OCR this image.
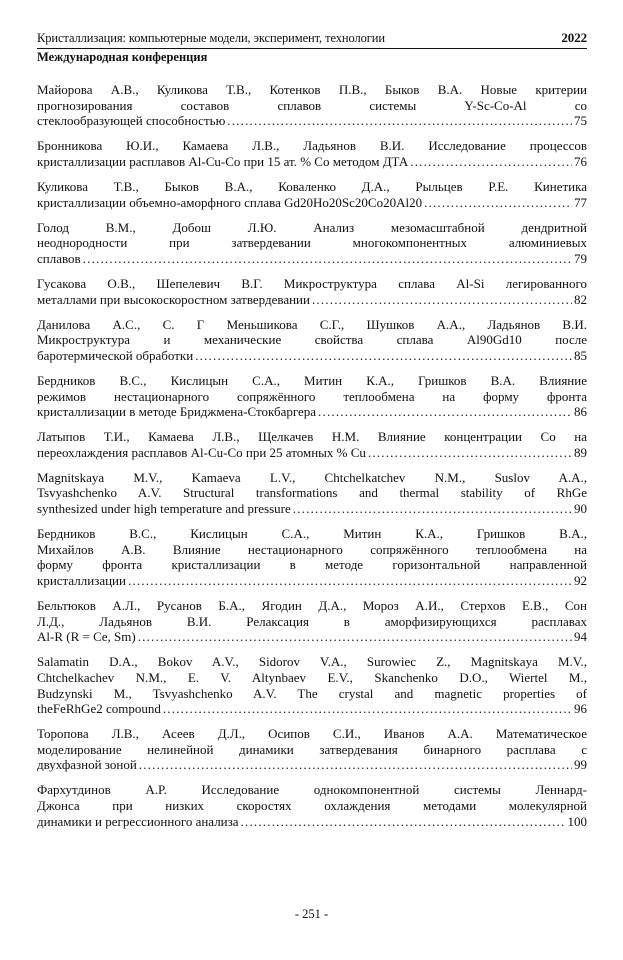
Кристаллизация: компьютерные модели, эксперимент, технологии	2022
Международная конференция
Майорова А.В., Куликова Т.В., Котенков П.В., Быков В.А. Новые критерии
прогнозирования составов сплавов системы Y-Sc-Co-Al со
стеклообразующей способностью .....	75
Бронникова Ю.И., Камаева Л.В., Ладьянов В.И. Исследование процессов
кристаллизации расплавов Al-Cu-Co при 15 ат. % Co методом ДТА .....	76
Куликова Т.В., Быков В.А., Коваленко Д.А., Рыльцев Р.Е. Кинетика
кристаллизации объемно-аморфного сплава Gd20Ho20Sc20Co20Al20 .....	77
Голод В.М., Добош Л.Ю. Анализ мезомасштабной дендритной
неоднородности при затвердевании многокомпонентных алюминиевых
сплавов .....	79
Гусакова О.В., Шепелевич В.Г. Микроструктура сплава Al-Si легированного
металлами при высокоскоростном затвердевании .....	82
Данилова А.С., С. Г Меньшикова С.Г., Шушков А.А., Ладьянов В.И.
Микроструктура и механические свойства сплава Al90Gd10 после
баротермической обработки .....	85
Бердников В.С., Кислицын С.А., Митин К.А., Гришков В.А. Влияние
режимов нестационарного сопряжённого теплообмена на форму фронта
кристаллизации в методе Бриджмена-Стокбаргера .....	86
Латыпов Т.И., Камаева Л.В., Щелкачев Н.М. Влияние концентрации Co на
переохлаждения расплавов Al-Cu-Co при 25 атомных % Cu .....	89
Magnitskaya M.V., Kamaeva L.V., Chtchelkatchev N.M., Suslov A.A.,
Tsvyashchenko A.V. Structural transformations and thermal stability of RhGe
synthesized under high temperature and pressure .....	90
Бердников В.С., Кислицын С.А., Митин К.А., Гришков В.А.,
Михайлов А.В. Влияние нестационарного сопряжённого теплообмена на
форму фронта кристаллизации в методе горизонтальной направленной
кристаллизации .....	92
Бельтюков А.Л., Русанов Б.А., Ягодин Д.А., Мороз А.И., Стерхов Е.В., Сон
Л.Д., Ладьянов В.И. Релаксация в аморфизирующихся расплавах
Al-R (R = Ce, Sm) .....	94
Salamatin D.A., Bokov A.V., Sidorov V.A., Surowiec Z., Magnitskaya M.V.,
Chtchelkachev N.M., E. V. Altynbaev E.V., Skanchenko D.O., Wiertel M.,
Budzynski M., Tsvyashchenko A.V. The crystal and magnetic properties of
theFeRhGe2 compound .....	96
Торопова Л.В., Асеев Д.Л., Осипов С.И., Иванов А.А. Математическое
моделирование нелинейной динамики затвердевания бинарного расплава с
двухфазной зоной .....	99
Фархутдинов А.Р. Исследование однокомпонентной системы Леннард-
Джонса при низких скоростях охлаждения методами молекулярной
динамики и регрессионного анализа .....	100
- 251 -
